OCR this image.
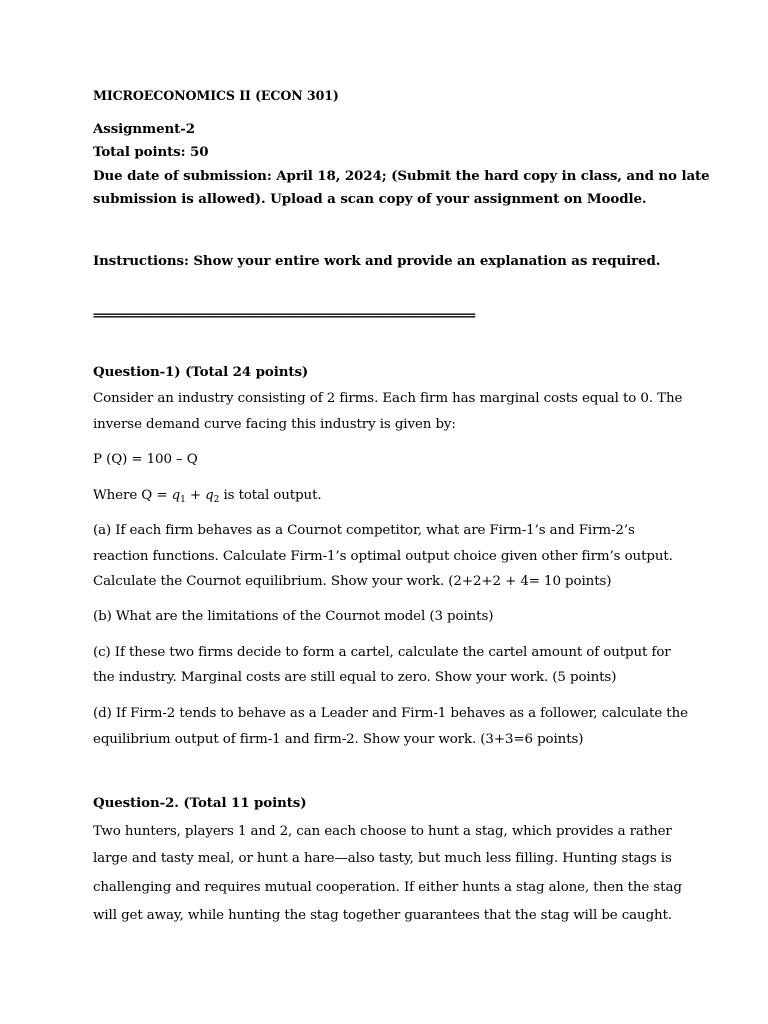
MICROECONOMICS II (ECON 301)
Assignment-2
Total points: 50
Due date of submission: April 18, 2024; (Submit the hard copy in class, and no late
submission is allowed). Upload a scan copy of your assignment on Moodle.
Instructions: Show your entire work and provide an explanation as required.
==================================================================
Question-1) (Total 24 points)
Consider an industry consisting of 2 firms. Each firm has marginal costs equal to 0. The
inverse demand curve facing this industry is given by:
P (Q) = 100 – Q
Where $Q = q_1 + q_2$ is total output.
(a) If each firm behaves as a Cournot competitor, what are Firm-1’s and Firm-2’s
reaction functions. Calculate Firm-1’s optimal output choice given other firm’s output.
Calculate the Cournot equilibrium. Show your work. (2+2+2 + 4= 10 points)
(b) What are the limitations of the Cournot model (3 points)
(c) If these two firms decide to form a cartel, calculate the cartel amount of output for
the industry. Marginal costs are still equal to zero. Show your work. (5 points)
(d) If Firm-2 tends to behave as a Leader and Firm-1 behaves as a follower, calculate the
equilibrium output of firm-1 and firm-2. Show your work. (3+3=6 points)
Question-2. (Total 11 points)
Two hunters, players 1 and 2, can each choose to hunt a stag, which provides a rather
large and tasty meal, or hunt a hare—also tasty, but much less filling. Hunting stags is
challenging and requires mutual cooperation. If either hunts a stag alone, then the stag
will get away, while hunting the stag together guarantees that the stag will be caught.
